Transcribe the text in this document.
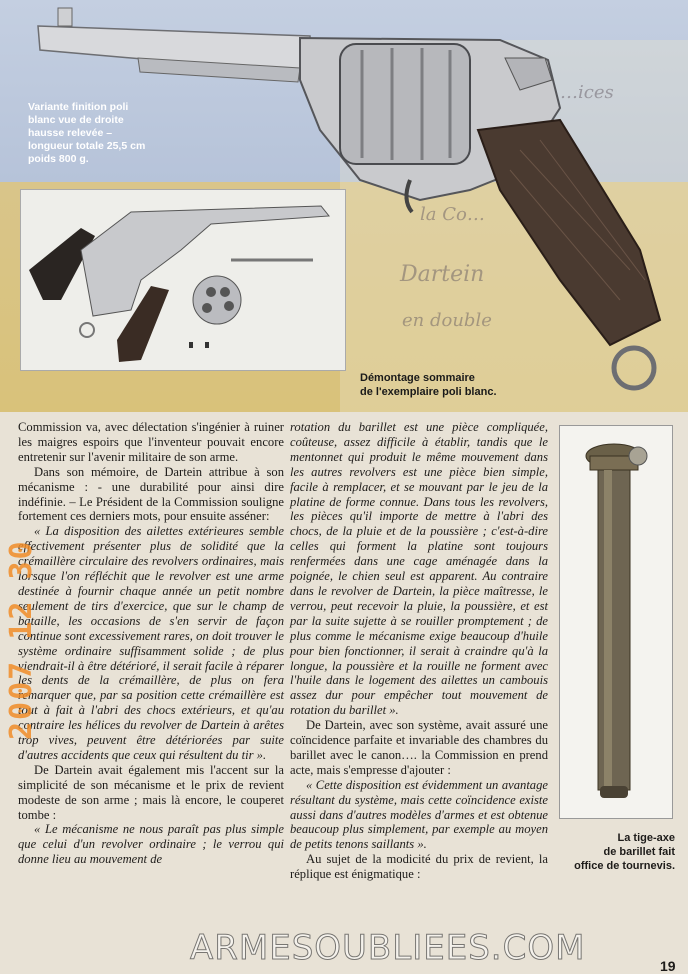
…ices
la Co…
Dartein
en double
Variante finition poli blanc vue de droite hausse relevée – longueur totale 25,5 cm poids 800 g.
Démontage sommaire
de l'exemplaire poli blanc.

Commission va, avec délectation s'ingénier à ruiner les maigres espoirs que l'inventeur pouvait encore entretenir sur l'avenir militaire de son arme.

Dans son mémoire, de Dartein attribue à son mécanisme : - une durabilité pour ainsi dire indéfinie. – Le Président de la Commission souligne fortement ces derniers mots, pour ensuite asséner:

« La disposition des ailettes extérieures semble effectivement présenter plus de solidité que la crémaillère circulaire des revolvers ordinaires, mais lorsque l'on réfléchit que le revolver est une arme destinée à fournir chaque année un petit nombre seulement de tirs d'exercice, que sur le champ de bataille, les occasions de s'en servir de façon continue sont excessivement rares, on doit trouver le système ordinaire suffisamment solide ; de plus viendrait-il à être détérioré, il serait facile à réparer les dents de la crémaillère, de plus on fera remarquer que, par sa position cette crémaillère est tout à fait à l'abri des chocs extérieurs, et qu'au contraire les hélices du revolver de Dartein à arêtes trop vives, peuvent être détériorées par suite d'autres accidents que ceux qui résultent du tir ».

De Dartein avait également mis l'accent sur la simplicité de son mécanisme et le prix de revient modeste de son arme ; mais là encore, le couperet tombe :

« Le mécanisme ne nous paraît pas plus simple que celui d'un revolver ordinaire ; le verrou qui donne lieu au mouvement de

rotation du barillet est une pièce compliquée, coûteuse, assez difficile à établir, tandis que le mentonnet qui produit le même mouvement dans les autres revolvers est une pièce bien simple, facile à remplacer, et se mouvant par le jeu de la platine de forme connue. Dans tous les revolvers, les pièces qu'il importe de mettre à l'abri des chocs, de la pluie et de la poussière ; c'est-à-dire celles qui forment la platine sont toujours renfermées dans une cage aménagée dans la poignée, le chien seul est apparent. Au contraire dans le revolver de Dartein, la pièce maîtresse, le verrou, peut recevoir la pluie, la poussière, et est par la suite sujette à se rouiller promptement ; de plus comme le mécanisme exige beaucoup d'huile pour bien fonctionner, il serait à craindre qu'à la longue, la poussière et la rouille ne forment avec l'huile dans le logement des ailettes un cambouis assez dur pour empêcher tout mouvement de rotation du barillet ».

De Dartein, avec son système, avait assuré une coïncidence parfaite et invariable des chambres du barillet avec le canon…. la Commission en prend acte, mais s'empresse d'ajouter :

« Cette disposition est évidemment un avantage résultant du système, mais cette coïncidence existe aussi dans d'autres modèles d'armes et est obtenue beaucoup plus simplement, par exemple au moyen de petits tenons saillants ».

Au sujet de la modicité du prix de revient, la réplique est énigmatique :

La tige-axe
de barillet fait
office de tournevis.
2007 12 30
ARMESOUBLIEES.COM	19
